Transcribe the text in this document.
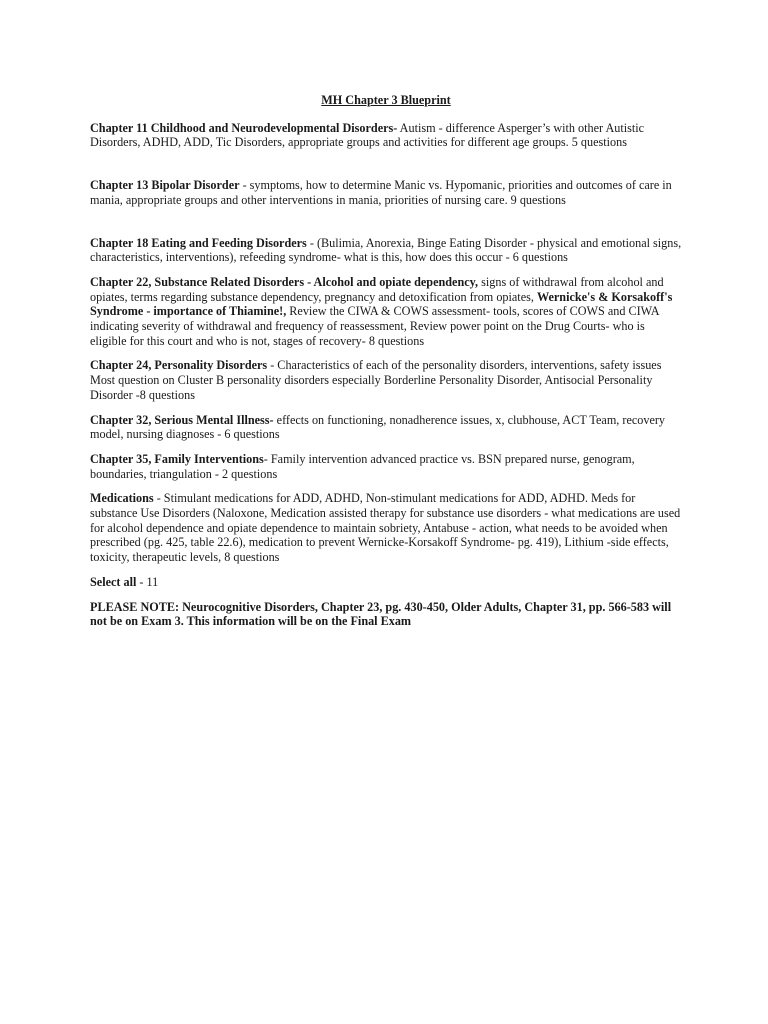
MH Chapter 3 Blueprint

Chapter 11 Childhood and Neurodevelopmental Disorders- Autism - difference Asperger’s with other Autistic Disorders, ADHD, ADD, Tic Disorders, appropriate groups and activities for different age groups. 5 questions

Chapter 13 Bipolar Disorder - symptoms, how to determine Manic vs. Hypomanic, priorities and outcomes of care in mania, appropriate groups and other interventions in mania, priorities of nursing care. 9 questions

Chapter 18 Eating and Feeding Disorders - (Bulimia, Anorexia, Binge Eating Disorder - physical and emotional signs, characteristics, interventions), refeeding syndrome- what is this, how does this occur - 6 questions

Chapter 22, Substance Related Disorders - Alcohol and opiate dependency, signs of withdrawal from alcohol and opiates, terms regarding substance dependency, pregnancy and detoxification from opiates, Wernicke's & Korsakoff's Syndrome - importance of Thiamine!, Review the CIWA & COWS assessment- tools, scores of COWS and CIWA indicating severity of withdrawal and frequency of reassessment, Review power point on the Drug Courts- who is eligible for this court and who is not, stages of recovery- 8 questions

Chapter 24, Personality Disorders - Characteristics of each of the personality disorders, interventions, safety issues Most question on Cluster B personality disorders especially Borderline Personality Disorder, Antisocial Personality Disorder -8 questions

Chapter 32, Serious Mental Illness- effects on functioning, nonadherence issues, x, clubhouse, ACT Team, recovery model, nursing diagnoses - 6 questions

Chapter 35, Family Interventions- Family intervention advanced practice vs. BSN prepared nurse, genogram, boundaries, triangulation - 2 questions

Medications - Stimulant medications for ADD, ADHD, Non-stimulant medications for ADD, ADHD. Meds for substance Use Disorders (Naloxone, Medication assisted therapy for substance use disorders - what medications are used for alcohol dependence and opiate dependence to maintain sobriety, Antabuse - action, what needs to be avoided when prescribed (pg. 425, table 22.6), medication to prevent Wernicke-Korsakoff Syndrome- pg. 419), Lithium -side effects, toxicity, therapeutic levels, 8 questions

Select all - 11

PLEASE NOTE: Neurocognitive Disorders, Chapter 23, pg. 430-450, Older Adults, Chapter 31, pp. 566-583 will not be on Exam 3. This information will be on the Final Exam
